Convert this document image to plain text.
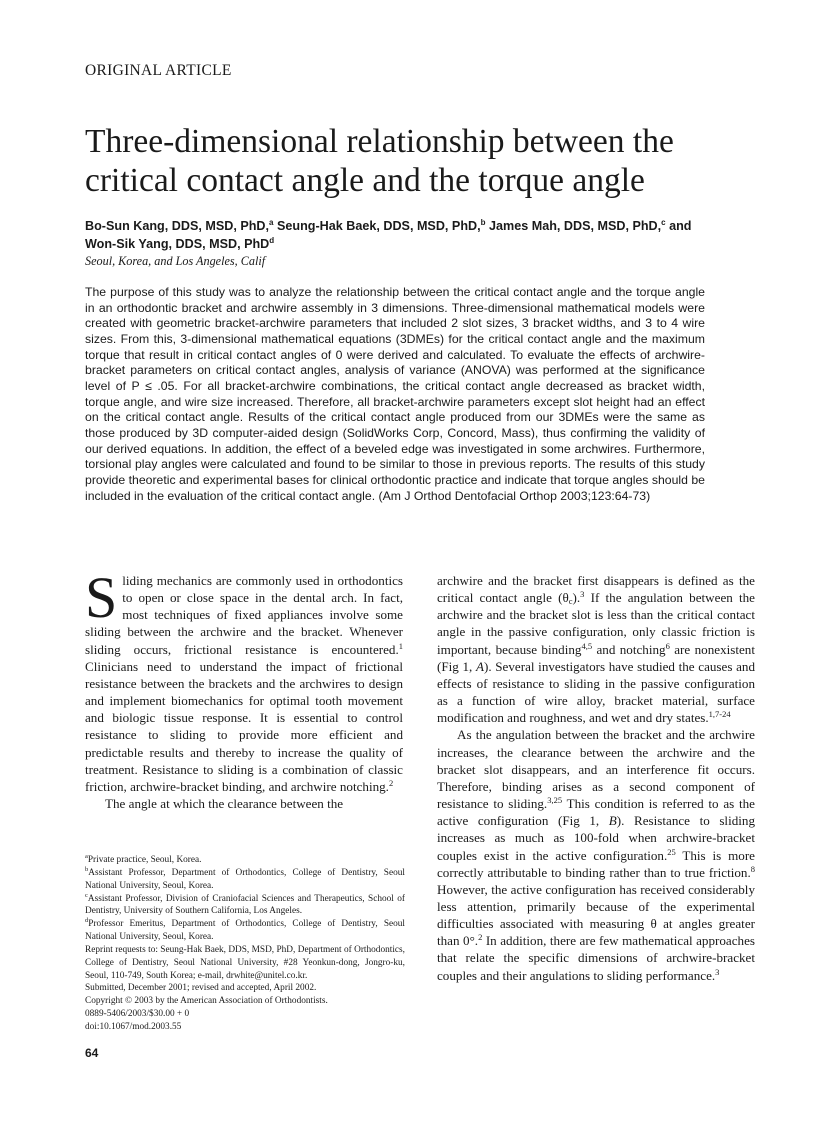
ORIGINAL ARTICLE
Three-dimensional relationship between the critical contact angle and the torque angle
Bo-Sun Kang, DDS, MSD, PhD,$^a$ Seung-Hak Baek, DDS, MSD, PhD,$^b$ James Mah, DDS, MSD, PhD,$^c$ and
Won-Sik Yang, DDS, MSD, PhD$^d$
Seoul, Korea, and Los Angeles, Calif
The purpose of this study was to analyze the relationship between the critical contact angle and the torque angle in an orthodontic bracket and archwire assembly in 3 dimensions. Three-dimensional mathematical models were created with geometric bracket-archwire parameters that included 2 slot sizes, 3 bracket widths, and 3 to 4 wire sizes. From this, 3-dimensional mathematical equations (3DMEs) for the critical contact angle and the maximum torque that result in critical contact angles of 0 were derived and calculated. To evaluate the effects of archwire-bracket parameters on critical contact angles, analysis of variance (ANOVA) was performed at the significance level of P ≤ .05. For all bracket-archwire combinations, the critical contact angle decreased as bracket width, torque angle, and wire size increased. Therefore, all bracket-archwire parameters except slot height had an effect on the critical contact angle. Results of the critical contact angle produced from our 3DMEs were the same as those produced by 3D computer-aided design (SolidWorks Corp, Concord, Mass), thus confirming the validity of our derived equations. In addition, the effect of a beveled edge was investigated in some archwires. Furthermore, torsional play angles were calculated and found to be similar to those in previous reports. The results of this study provide theoretic and experimental bases for clinical orthodontic practice and indicate that torque angles should be included in the evaluation of the critical contact angle. (Am J Orthod Dentofacial Orthop 2003;123:64-73)

Sliding mechanics are commonly used in orthodontics to open or close space in the dental arch. In fact, most techniques of fixed appliances involve some sliding between the archwire and the bracket. Whenever sliding occurs, frictional resistance is encountered.$^1$ Clinicians need to understand the impact of frictional resistance between the brackets and the archwires to design and implement biomechanics for optimal tooth movement and biologic tissue response. It is essential to control resistance to sliding to provide more efficient and predictable results and thereby to increase the quality of treatment. Resistance to sliding is a combination of classic friction, archwire-bracket binding, and archwire notching.$^2$

The angle at which the clearance between the

archwire and the bracket first disappears is defined as the critical contact angle $(\theta_c).^3$ If the angulation between the archwire and the bracket slot is less than the critical contact angle in the passive configuration, only classic friction is important, because binding$^{4,5}$ and notching$^6$ are nonexistent (Fig 1, A). Several investigators have studied the causes and effects of resistance to sliding in the passive configuration as a function of wire alloy, bracket material, surface modification and roughness, and wet and dry states.$^{1,7-24}$

As the angulation between the bracket and the archwire increases, the clearance between the archwire and the bracket slot disappears, and an interference fit occurs. Therefore, binding arises as a second component of resistance to sliding.$^{3,25}$ This condition is referred to as the active configuration (Fig 1, B). Resistance to sliding increases as much as 100-fold when archwire-bracket couples exist in the active configuration.$^{25}$ This is more correctly attributable to binding rather than to true friction.$^8$ However, the active configuration has received considerably less attention, primarily because of the experimental difficulties associated with measuring θ at angles greater than 0°.$^2$ In addition, there are few mathematical approaches that relate the specific dimensions of archwire-bracket couples and their angulations to sliding performance.$^3$

$^a$Private practice, Seoul, Korea.

$^b$Assistant Professor, Department of Orthodontics, College of Dentistry, Seoul National University, Seoul, Korea.

$^c$Assistant Professor, Division of Craniofacial Sciences and Therapeutics, School of Dentistry, University of Southern California, Los Angeles.

$^d$Professor Emeritus, Department of Orthodontics, College of Dentistry, Seoul National University, Seoul, Korea.

Reprint requests to: Seung-Hak Baek, DDS, MSD, PhD, Department of Orthodontics, College of Dentistry, Seoul National University, #28 Yeonkun-dong, Jongro-ku, Seoul, 110-749, South Korea; e-mail, drwhite@unitel.co.kr.

Submitted, December 2001; revised and accepted, April 2002.

Copyright © 2003 by the American Association of Orthodontists.

0889-5406/2003/$30.00 + 0

doi:10.1067/mod.2003.55

64
